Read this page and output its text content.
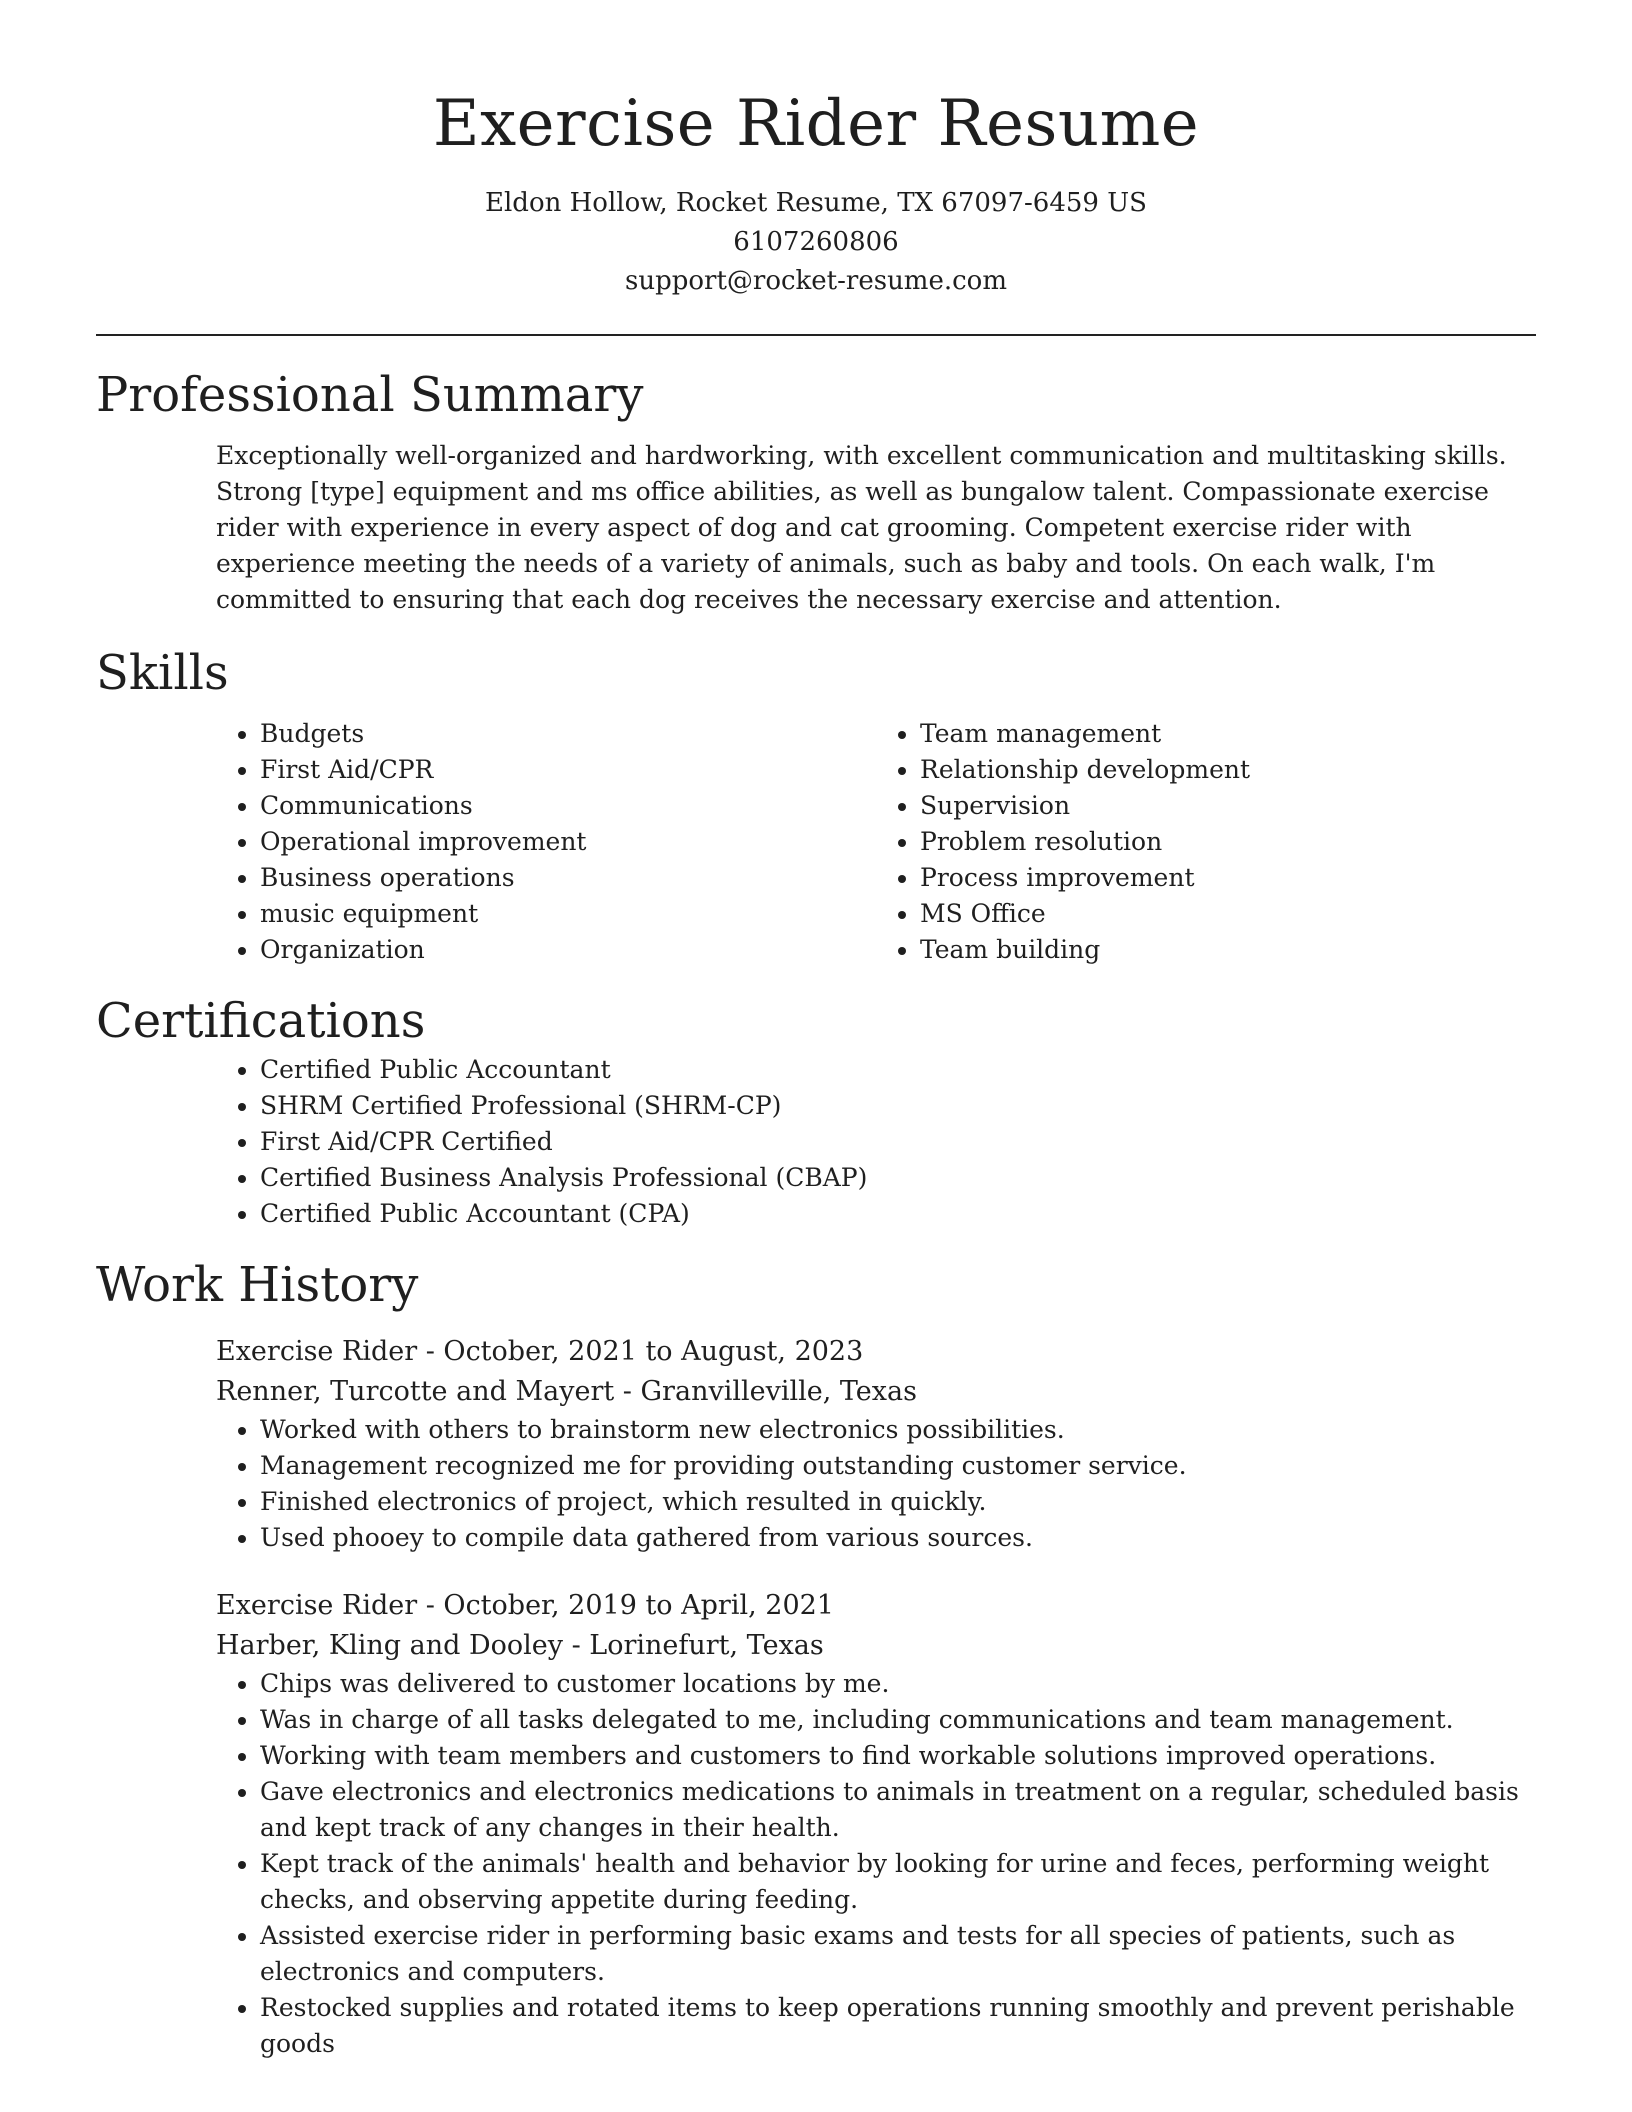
Exercise Rider Resume
Eldon Hollow, Rocket Resume, TX 67097-6459 US
6107260806
support@rocket-resume.com
Professional Summary

Exceptionally well-organized and hardworking, with excellent communication and multitasking skills. Strong [type] equipment and ms office abilities, as well as bungalow talent. Compassionate exercise rider with experience in every aspect of dog and cat grooming. Competent exercise rider with experience meeting the needs of a variety of animals, such as baby and tools. On each walk, I'm committed to ensuring that each dog receives the necessary exercise and attention.

Skills
• Budgets
• First Aid/CPR
• Communications
• Operational improvement
• Business operations
• music equipment
• Organization
• Team management
• Relationship development
• Supervision
• Problem resolution
• Process improvement
• MS Office
• Team building
Certifications
• Certified Public Accountant
• SHRM Certified Professional (SHRM-CP)
• First Aid/CPR Certified
• Certified Business Analysis Professional (CBAP)
• Certified Public Accountant (CPA)
Work History
Exercise Rider - October, 2021 to August, 2023
Renner, Turcotte and Mayert - Granvilleville, Texas
• Worked with others to brainstorm new electronics possibilities.
• Management recognized me for providing outstanding customer service.
• Finished electronics of project, which resulted in quickly.
• Used phooey to compile data gathered from various sources.
Exercise Rider - October, 2019 to April, 2021
Harber, Kling and Dooley - Lorinefurt, Texas
• Chips was delivered to customer locations by me.
• Was in charge of all tasks delegated to me, including communications and team management.
• Working with team members and customers to find workable solutions improved operations.
• Gave electronics and electronics medications to animals in treatment on a regular, scheduled basis and kept track of any changes in their health.
• Kept track of the animals' health and behavior by looking for urine and feces, performing weight checks, and observing appetite during feeding.
• Assisted exercise rider in performing basic exams and tests for all species of patients, such as electronics and computers.
• Restocked supplies and rotated items to keep operations running smoothly and prevent perishable goods
